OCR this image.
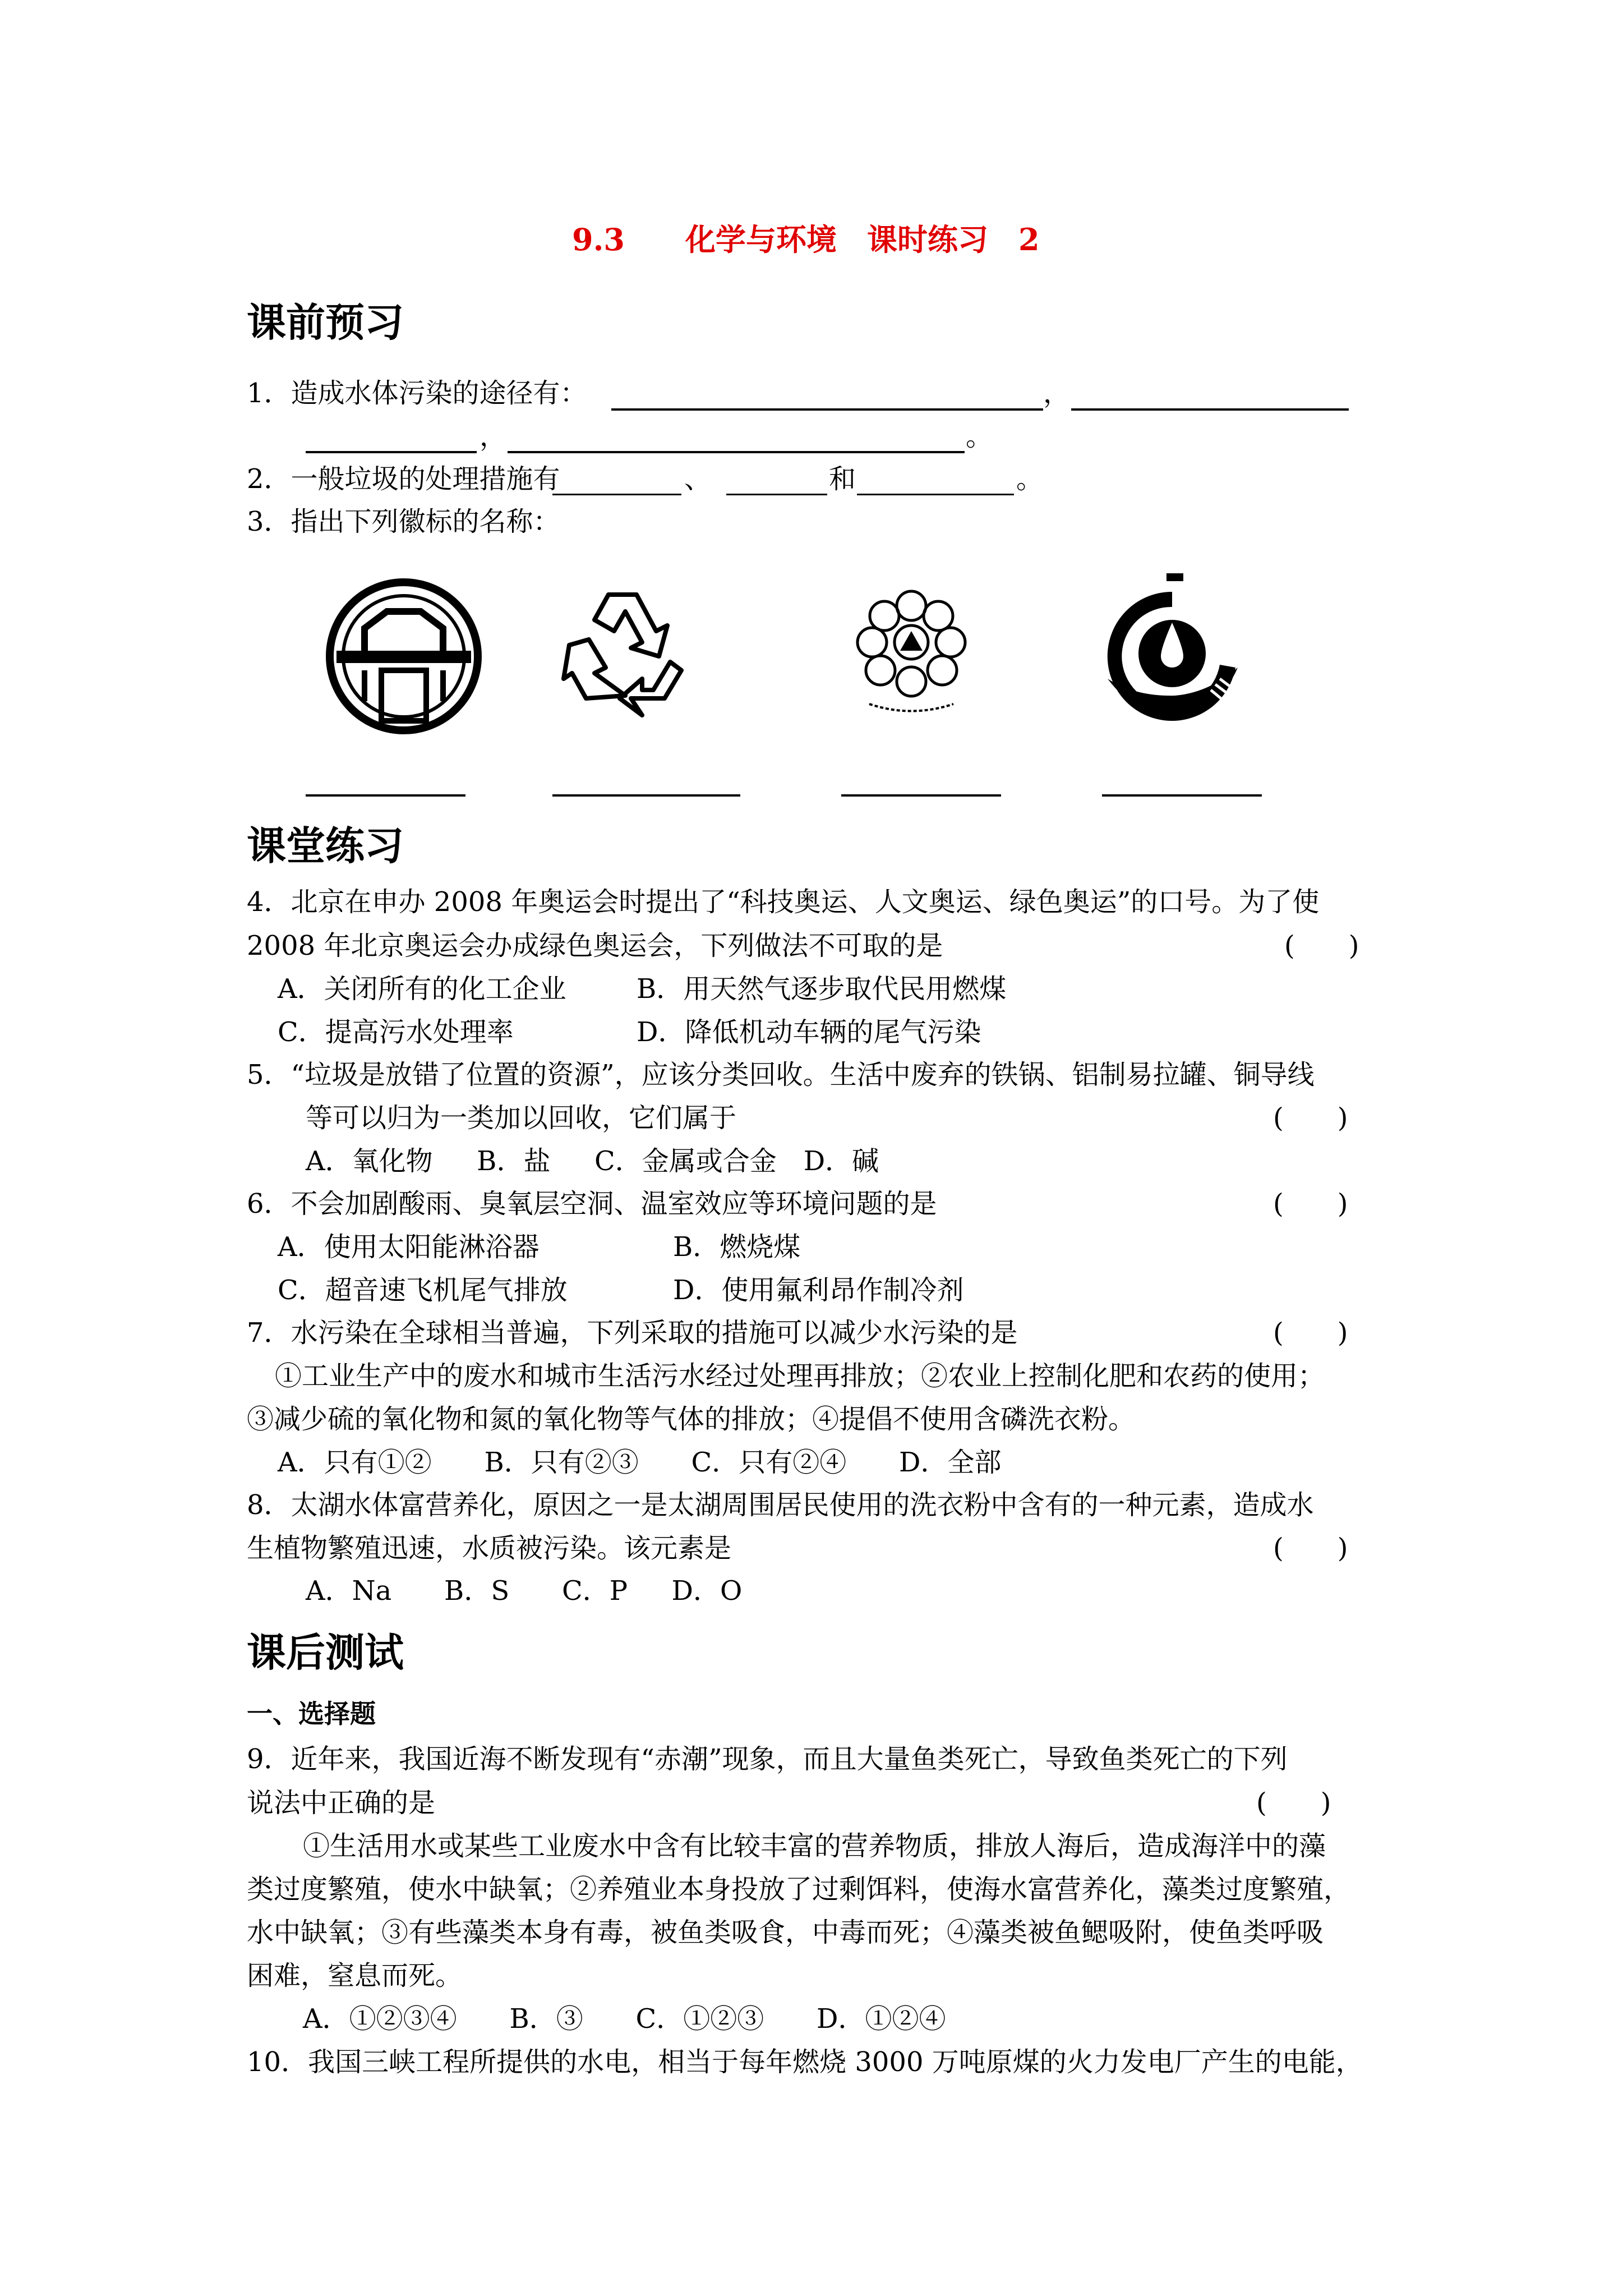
9.3　　化学与环境　课时练习　2
课前预习
1．造成水体污染的途径有：	，
，	。
2．一般垃圾的处理措施有	、	和	。
3．指出下列徽标的名称：
课堂练习
4．北京在申办 2008 年奥运会时提出了“科技奥运、人文奥运、绿色奥运”的口号。为了使
2008 年北京奥运会办成绿色奥运会，下列做法不可取的是	(　　)
A．关闭所有的化工企业	B．用天然气逐步取代民用燃煤
C．提高污水处理率	D．降低机动车辆的尾气污染
5．“垃圾是放错了位置的资源”，应该分类回收。生活中废弃的铁锅、铝制易拉罐、铜导线
等可以归为一类加以回收，它们属于	(　　)
A．氧化物　  B．盐　  C．金属或合金　D．碱
6．不会加剧酸雨、臭氧层空洞、温室效应等环境问题的是	(　　)
A．使用太阳能淋浴器	B．燃烧煤
C．超音速飞机尾气排放	D．使用氟利昂作制冷剂
7．水污染在全球相当普遍，下列采取的措施可以减少水污染的是	(　　)
①工业生产中的废水和城市生活污水经过处理再排放；②农业上控制化肥和农药的使用；
③减少硫的氧化物和氮的氧化物等气体的排放；④提倡不使用含磷洗衣粉。
A．只有①②　   B．只有②③　   C．只有②④　   D．全部
8．太湖水体富营养化，原因之一是太湖周围居民使用的洗衣粉中含有的一种元素，造成水
生植物繁殖迅速，水质被污染。该元素是	(　　)
A．Na　   B．S　   C．P　  D．O
课后测试
一、选择题
9．近年来，我国近海不断发现有“赤潮”现象，而且大量鱼类死亡，导致鱼类死亡的下列
说法中正确的是	(　　)
①生活用水或某些工业废水中含有比较丰富的营养物质，排放人海后，造成海洋中的藻
类过度繁殖，使水中缺氧；②养殖业本身投放了过剩饵料，使海水富营养化，藻类过度繁殖，
水中缺氧；③有些藻类本身有毒，被鱼类吸食，中毒而死；④藻类被鱼鳃吸附，使鱼类呼吸
困难，窒息而死。
A．①②③④　   B．③　   C．①②③　   D．①②④
10．我国三峡工程所提供的水电，相当于每年燃烧 3000 万吨原煤的火力发电厂产生的电能，
